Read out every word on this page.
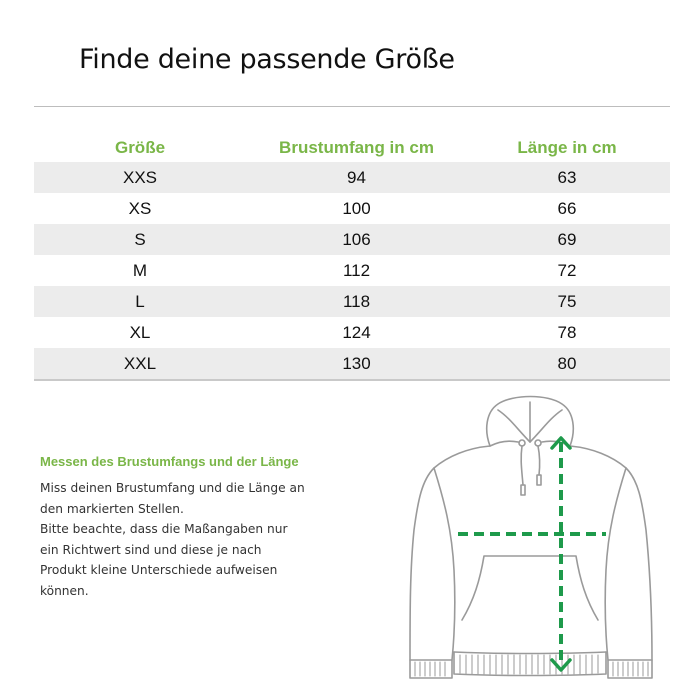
Finde deine passende Größe
Größe	Brustumfang in cm	Länge in cm
XXS	94	63
XS	100	66
S	106	69
M	112	72
L	118	75
XL	124	78
XXL	130	80
Messen des Brustumfangs und der Länge

Miss deinen Brustumfang und die Länge an

den markierten Stellen.

Bitte beachte, dass die Maßangaben nur

ein Richtwert sind und diese je nach

Produkt kleine Unterschiede aufweisen

können.
